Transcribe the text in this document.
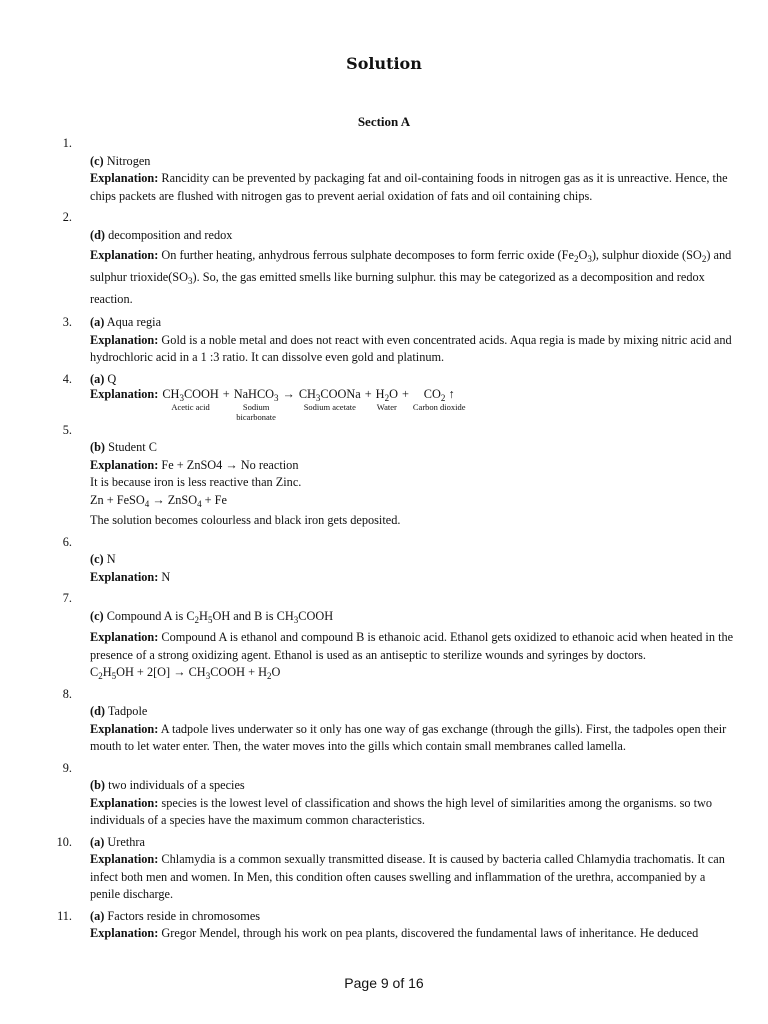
Solution
Section A
1.

(c) Nitrogen

Explanation: Rancidity can be prevented by packaging fat and oil-containing foods in nitrogen gas as it is unreactive. Hence, the chips packets are flushed with nitrogen gas to prevent aerial oxidation of fats and oil containing chips.

2.

(d) decomposition and redox

Explanation: On further heating, anhydrous ferrous sulphate decomposes to form ferric oxide $(Fe_2O_3)$, sulphur dioxide $(SO_2)$ and sulphur $trioxide(SO_3)$. So, the gas emitted smells like burning sulphur. this may be categorized as a decomposition and redox reaction.

3. (a) Aqua regia

Explanation: Gold is a noble metal and does not react with even concentrated acids. Aqua regia is made by mixing nitric acid and hydrochloric acid in a 1 :3 ratio. It can dissolve even gold and platinum.

4. (a) Q

Explanation: $CH_3COOH$
Acetic acid
+ NaHCO$_3$
Sodium
bicarbonate
→ $CH_3COONa$
Sodium acetate
+ $H_2O$
Water
+ $CO_2$ ↑
Carbon dioxide
5.

(b) Student C

Explanation: Fe + ZnSO4 → No reaction

It is because iron is less reactive than Zinc.

Zn + FeSO$_4$ → ZnSO$_4$ + Fe

The solution becomes colourless and black iron gets deposited.

6.

(c) N

Explanation: N

7.

(c) Compound A is $C_2H_5OH$ and B is $CH_3COOH$

Explanation: Compound A is ethanol and compound B is ethanoic acid. Ethanol gets oxidized to ethanoic acid when heated in the presence of a strong oxidizing agent. Ethanol is used as an antiseptic to sterilize wounds and syringes by doctors.

$C_2H_5OH + 2[O]$ → $CH_3COOH + H_2O$

8.

(d) Tadpole

Explanation: A tadpole lives underwater so it only has one way of gas exchange (through the gills). First, the tadpoles open their mouth to let water enter. Then, the water moves into the gills which contain small membranes called lamella.

9.

(b) two individuals of a species

Explanation: species is the lowest level of classification and shows the high level of similarities among the organisms. so two individuals of a species have the maximum common characteristics.

10. (a) Urethra

Explanation: Chlamydia is a common sexually transmitted disease. It is caused by bacteria called Chlamydia trachomatis. It can infect both men and women. In Men, this condition often causes swelling and inflammation of the urethra, accompanied by a penile discharge.

11. (a) Factors reside in chromosomes

Explanation: Gregor Mendel, through his work on pea plants, discovered the fundamental laws of inheritance. He deduced

Page 9 of 16
